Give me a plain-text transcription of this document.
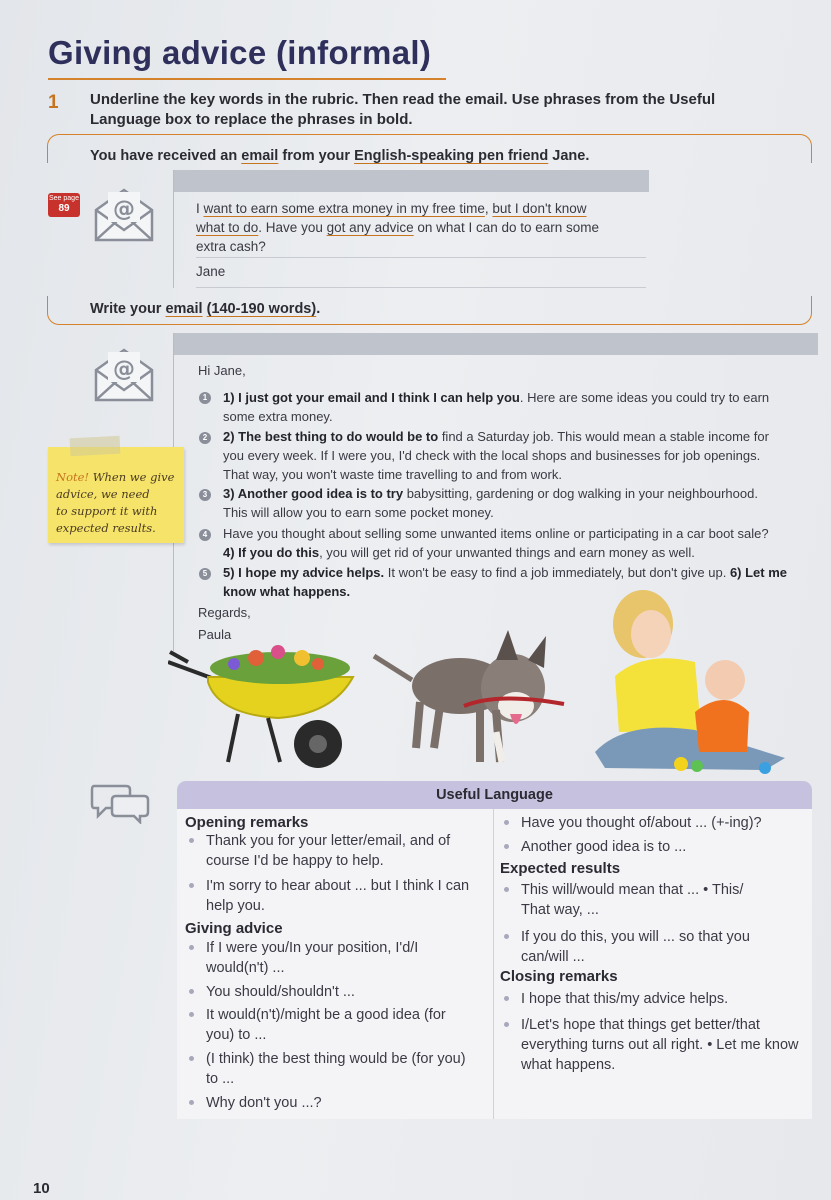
Giving advice (informal)
1 Underline the key words in the rubric. Then read the email. Use phrases from the Useful Language box to replace the phrases in bold.
You have received an email from your English-speaking pen friend Jane.
See page
89	@	I want to earn some extra money in my free time, but I don't know
what to do. Have you got any advice on what I can do to earn some
extra cash?
Jane
Write your email (140-190 words).
@	Hi Jane,
1 1) I just got your email and I think I can help you. Here are some ideas you could try to earn some extra money.
2 2) The best thing to do would be to find a Saturday job. This would mean a stable income for you every week. If I were you, I'd check with the local shops and businesses for job openings. That way, you won't waste time travelling to and from work.
3 3) Another good idea is to try babysitting, gardening or dog walking in your neighbourhood. This will allow you to earn some pocket money.
4 Have you thought about selling some unwanted items online or participating in a car boot sale? 4) If you do this, you will get rid of your unwanted things and earn money as well.
5 5) I hope my advice helps. It won't be easy to find a job immediately, but don't give up. 6) Let me know what happens.
Regards,
Paula
Note! When we give
advice, we need
to support it with
expected results.
Useful Language
Opening remarks
Thank you for your letter/email, and of course I'd be happy to help.
I'm sorry to hear about ... but I think I can help you.
Giving advice
If I were you/In your position, I'd/I would(n't) ...
You should/shouldn't ...
It would(n't)/might be a good idea (for you) to ...
(I think) the best thing would be (for you) to ...
Why don't you ...?
Have you thought of/about ... (+-ing)?
Another good idea is to ...
Expected results
This will/would mean that ... • This/
That way, ...
If you do this, you will ... so that you can/will ...
Closing remarks
I hope that this/my advice helps.
I/Let's hope that things get better/that everything turns out all right. • Let me know what happens.
10
